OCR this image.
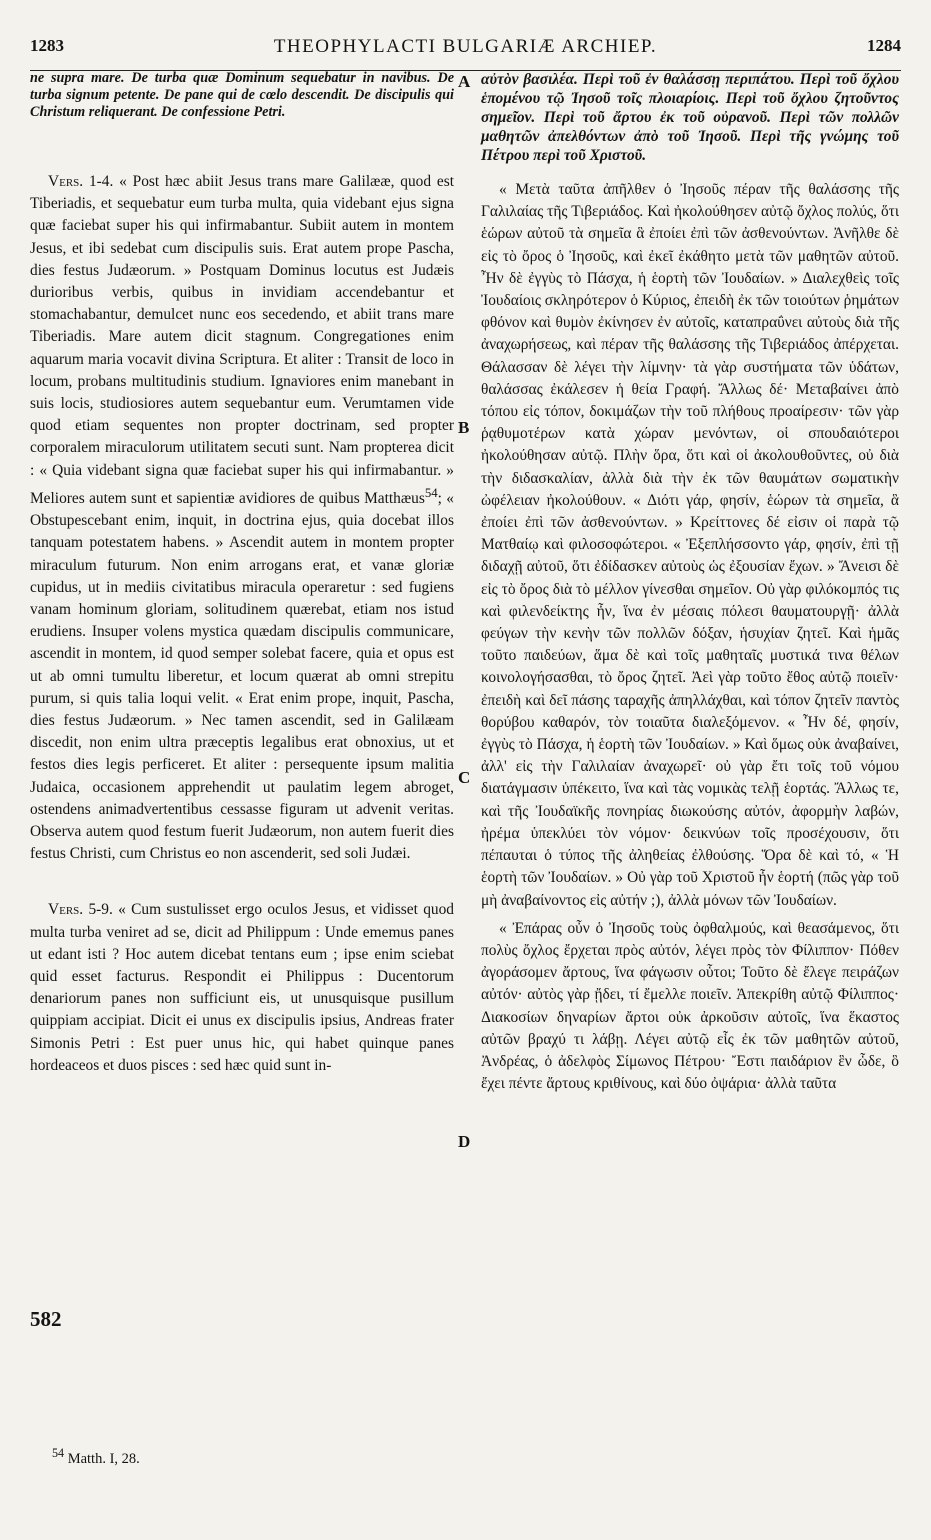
1283	THEOPHYLACTI BULGARIÆ ARCHIEP.	1284

ne supra mare. De turba quæ Dominum sequebatur in navibus. De turba signum petente. De pane qui de cœlo descendit. De discipulis qui Christum reliquerant. De confessione Petri.

Vers. 1-4. « Post hæc abiit Jesus trans mare Galilææ, quod est Tiberiadis, et sequebatur eum turba multa, quia videbant ejus signa quæ faciebat super his qui infirmabantur. Subiit autem in montem Jesus, et ibi sedebat cum discipulis suis. Erat autem prope Pascha, dies festus Judæorum. » Postquam Dominus locutus est Judæis durioribus verbis, quibus in invidiam accendebantur et stomachabantur, demulcet nunc eos secedendo, et abiit trans mare Tiberiadis. Mare autem dicit stagnum. Congregationes enim aquarum maria vocavit divina Scriptura. Et aliter : Transit de loco in locum, probans multitudinis studium. Ignaviores enim manebant in suis locis, studiosiores autem sequebantur eum. Verumtamen vide quod etiam sequentes non propter doctrinam, sed propter corporalem miraculorum utilitatem secuti sunt. Nam propterea dicit : « Quia videbant signa quæ faciebat super his qui infirmabantur. » Meliores autem sunt et sapientiæ avidiores de quibus Matthæus$^{54}$; « Obstupescebant enim, inquit, in doctrina ejus, quia docebat illos tanquam potestatem habens. » Ascendit autem in montem propter miraculum futurum. Non enim arrogans erat, et vanæ gloriæ cupidus, ut in mediis civitatibus miracula operaretur : sed fugiens vanam hominum gloriam, solitudinem quærebat, etiam nos istud erudiens. Insuper volens mystica quædam discipulis communicare, ascendit in montem, id quod semper solebat facere, quia et opus est ut ab omni tumultu liberetur, et locum quærat ab omni strepitu purum, si quis talia loqui velit. « Erat enim prope, inquit, Pascha, dies festus Judæorum. » Nec tamen ascendit, sed in Galilæam discedit, non enim ultra præceptis legalibus erat obnoxius, ut et festos dies legis perficeret. Et aliter : persequente ipsum malitia Judaica, occasionem apprehendit ut paulatim legem abroget, ostendens animadvertentibus cessasse figuram ut advenit veritas. Observa autem quod festum fuerit Judæorum, non autem fuerit dies festus Christi, cum Christus eo non ascenderit, sed soli Judæi.

Vers. 5-9. « Cum sustulisset ergo oculos Jesus, et vidisset quod multa turba veniret ad se, dicit ad Philippum : Unde ememus panes ut edant isti ? Hoc autem dicebat tentans eum ; ipse enim sciebat quid esset facturus. Respondit ei Philippus : Ducentorum denariorum panes non sufficiunt eis, ut unusquisque pusillum quippiam accipiat. Dicit ei unus ex discipulis ipsius, Andreas frater Simonis Petri : Est puer unus hic, qui habet quinque panes hordeaceos et duos pisces : sed hæc quid sunt in-

αὐτὸν βασιλέα. Περὶ τοῦ ἐν θαλάσσῃ περιπάτου. Περὶ τοῦ ὄχλου ἑπομένου τῷ Ἰησοῦ τοῖς πλοιαρίοις. Περὶ τοῦ ὄχλου ζητοῦντος σημεῖον. Περὶ τοῦ ἄρτου ἐκ τοῦ οὐρανοῦ. Περὶ τῶν πολλῶν μαθητῶν ἀπελθόντων ἀπὸ τοῦ Ἰησοῦ. Περὶ τῆς γνώμης τοῦ Πέτρου περὶ τοῦ Χριστοῦ.

« Μετὰ ταῦτα ἀπῆλθεν ὁ Ἰησοῦς πέραν τῆς θαλάσσης τῆς Γαλιλαίας τῆς Τιβεριάδος. Καὶ ἠκολούθησεν αὐτῷ ὄχλος πολύς, ὅτι ἑώρων αὐτοῦ τὰ σημεῖα ἃ ἐποίει ἐπὶ τῶν ἀσθενούντων. Ἀνῆλθε δὲ εἰς τὸ ὄρος ὁ Ἰησοῦς, καὶ ἐκεῖ ἐκάθητο μετὰ τῶν μαθητῶν αὐτοῦ. Ἦν δὲ ἐγγὺς τὸ Πάσχα, ἡ ἑορτὴ τῶν Ἰουδαίων. » Διαλεχθεὶς τοῖς Ἰουδαίοις σκληρότερον ὁ Κύριος, ἐπειδὴ ἐκ τῶν τοιούτων ῥημάτων φθόνον καὶ θυμὸν ἐκίνησεν ἐν αὐτοῖς, καταπραΰνει αὐτοὺς διὰ τῆς ἀναχωρήσεως, καὶ πέραν τῆς θαλάσσης τῆς Τιβεριάδος ἀπέρχεται. Θάλασσαν δὲ λέγει τὴν λίμνην· τὰ γὰρ συστήματα τῶν ὑδάτων, θαλάσσας ἐκάλεσεν ἡ θεία Γραφή. Ἄλλως δέ· Μεταβαίνει ἀπὸ τόπου εἰς τόπον, δοκιμάζων τὴν τοῦ πλήθους προαίρεσιν· τῶν γὰρ ῥᾳθυμοτέρων κατὰ χώραν μενόντων, οἱ σπουδαιότεροι ἠκολούθησαν αὐτῷ. Πλὴν ὅρα, ὅτι καὶ οἱ ἀκολουθοῦντες, οὐ διὰ τὴν διδασκαλίαν, ἀλλὰ διὰ τὴν ἐκ τῶν θαυμάτων σωματικὴν ὠφέλειαν ἠκολούθουν. « Διότι γάρ, φησίν, ἑώρων τὰ σημεῖα, ἃ ἐποίει ἐπὶ τῶν ἀσθενούντων. » Κρείττονες δέ εἰσιν οἱ παρὰ τῷ Ματθαίῳ καὶ φιλοσοφώτεροι. « Ἐξεπλήσσοντο γάρ, φησίν, ἐπὶ τῇ διδαχῇ αὐτοῦ, ὅτι ἐδίδασκεν αὐτοὺς ὡς ἐξουσίαν ἔχων. » Ἄνεισι δὲ εἰς τὸ ὄρος διὰ τὸ μέλλον γίνεσθαι σημεῖον. Οὐ γὰρ φιλόκομπός τις καὶ φιλενδείκτης ἦν, ἵνα ἐν μέσαις πόλεσι θαυματουργῇ· ἀλλὰ φεύγων τὴν κενὴν τῶν πολλῶν δόξαν, ἡσυχίαν ζητεῖ. Καὶ ἡμᾶς τοῦτο παιδεύων, ἅμα δὲ καὶ τοῖς μαθηταῖς μυστικά τινα θέλων κοινολογήσασθαι, τὸ ὄρος ζητεῖ. Ἀεὶ γὰρ τοῦτο ἔθος αὐτῷ ποιεῖν· ἐπειδὴ καὶ δεῖ πάσης ταραχῆς ἀπηλλάχθαι, καὶ τόπον ζητεῖν παντὸς θορύβου καθαρόν, τὸν τοιαῦτα διαλεξόμενον. « Ἦν δέ, φησίν, ἐγγὺς τὸ Πάσχα, ἡ ἑορτὴ τῶν Ἰουδαίων. » Καὶ ὅμως οὐκ ἀναβαίνει, ἀλλ' εἰς τὴν Γαλιλαίαν ἀναχωρεῖ· οὐ γὰρ ἔτι τοῖς τοῦ νόμου διατάγμασιν ὑπέκειτο, ἵνα καὶ τὰς νομικὰς τελῇ ἑορτάς. Ἄλλως τε, καὶ τῆς Ἰουδαϊκῆς πονηρίας διωκούσης αὐτόν, ἀφορμὴν λαβών, ἠρέμα ὑπεκλύει τὸν νόμον· δεικνύων τοῖς προσέχουσιν, ὅτι πέπαυται ὁ τύπος τῆς ἀληθείας ἐλθούσης. Ὅρα δὲ καὶ τό, « Ἡ ἑορτὴ τῶν Ἰουδαίων. » Οὐ γὰρ τοῦ Χριστοῦ ἦν ἑορτή (πῶς γὰρ τοῦ μὴ ἀναβαίνοντος εἰς αὐτήν ;), ἀλλὰ μόνων τῶν Ἰουδαίων.

« Ἐπάρας οὖν ὁ Ἰησοῦς τοὺς ὀφθαλμούς, καὶ θεασάμενος, ὅτι πολὺς ὄχλος ἔρχεται πρὸς αὐτόν, λέγει πρὸς τὸν Φίλιππον· Πόθεν ἀγοράσομεν ἄρτους, ἵνα φάγωσιν οὗτοι; Τοῦτο δὲ ἔλεγε πειράζων αὐτόν· αὐτὸς γὰρ ᾔδει, τί ἔμελλε ποιεῖν. Ἀπεκρίθη αὐτῷ Φίλιππος· Διακοσίων δηναρίων ἄρτοι οὐκ ἀρκοῦσιν αὐτοῖς, ἵνα ἕκαστος αὐτῶν βραχύ τι λάβῃ. Λέγει αὐτῷ εἷς ἐκ τῶν μαθητῶν αὐτοῦ, Ἀνδρέας, ὁ ἀδελφὸς Σίμωνος Πέτρου· Ἔστι παιδάριον ἓν ὧδε, ὃ ἔχει πέντε ἄρτους κριθίνους, καὶ δύο ὀψάρια· ἀλλὰ ταῦτα

A
B
C
D
582
$^{54}$ Matth. I, 28.
